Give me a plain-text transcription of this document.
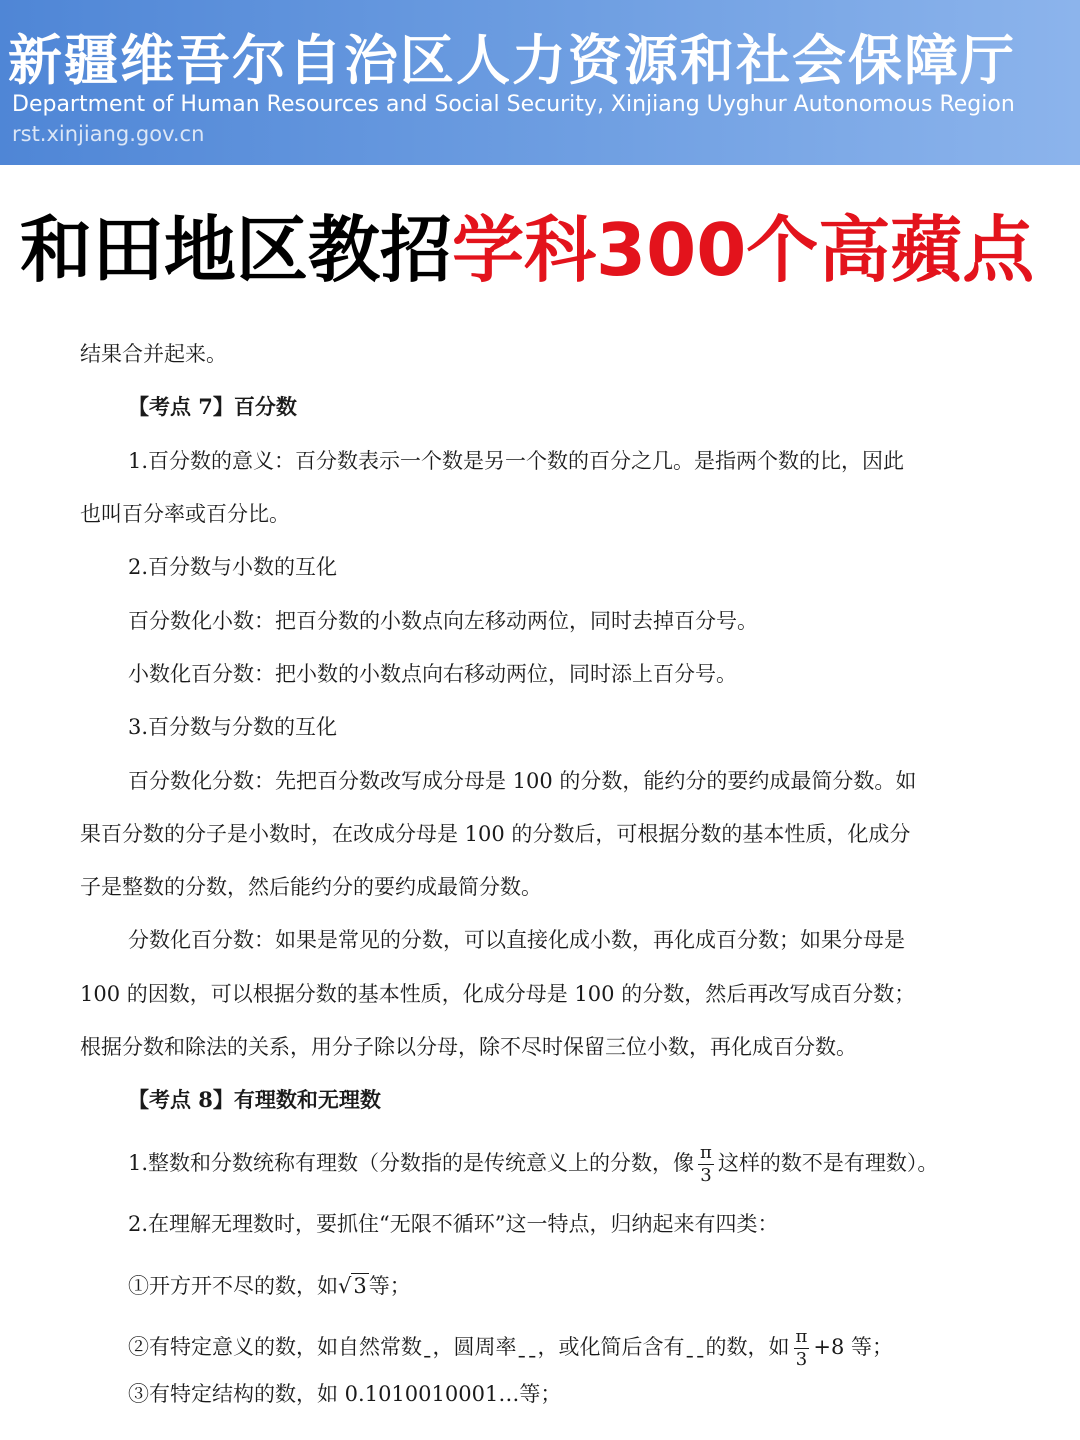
新疆维吾尔自治区人力资源和社会保障厅
Department of Human Resources and Social Security, Xinjiang Uyghur Autonomous Region
rst.xinjiang.gov.cn
和田地区教招学科300个高蘋点
结果合并起来。
【考点 7】百分数
1.百分数的意义：百分数表示一个数是另一个数的百分之几。是指两个数的比，因此
也叫百分率或百分比。
2.百分数与小数的互化
百分数化小数：把百分数的小数点向左移动两位，同时去掉百分号。
小数化百分数：把小数的小数点向右移动两位，同时添上百分号。
3.百分数与分数的互化
百分数化分数：先把百分数改写成分母是 100 的分数，能约分的要约成最简分数。如
果百分数的分子是小数时，在改成分母是 100 的分数后，可根据分数的基本性质，化成分
子是整数的分数，然后能约分的要约成最简分数。
分数化百分数：如果是常见的分数，可以直接化成小数，再化成百分数；如果分母是
100 的因数，可以根据分数的基本性质，化成分母是 100 的分数，然后再改写成百分数；
根据分数和除法的关系，用分子除以分母，除不尽时保留三位小数，再化成百分数。
【考点 8】有理数和无理数
1.整数和分数统称有理数（分数指的是传统意义上的分数，像 $\frac{\pi}{3}$ 这样的数不是有理数）。
2.在理解无理数时，要抓住“无限不循环”这一特点，归纳起来有四类：
①开方开不尽的数，如√3等；
②有特定意义的数，如自然常数ˍ，圆周率ˍˍ，或化简后含有ˍˍ的数，如 $\frac{\pi}{3} +8$ 等；
③有特定结构的数，如 0.1010010001…等；
